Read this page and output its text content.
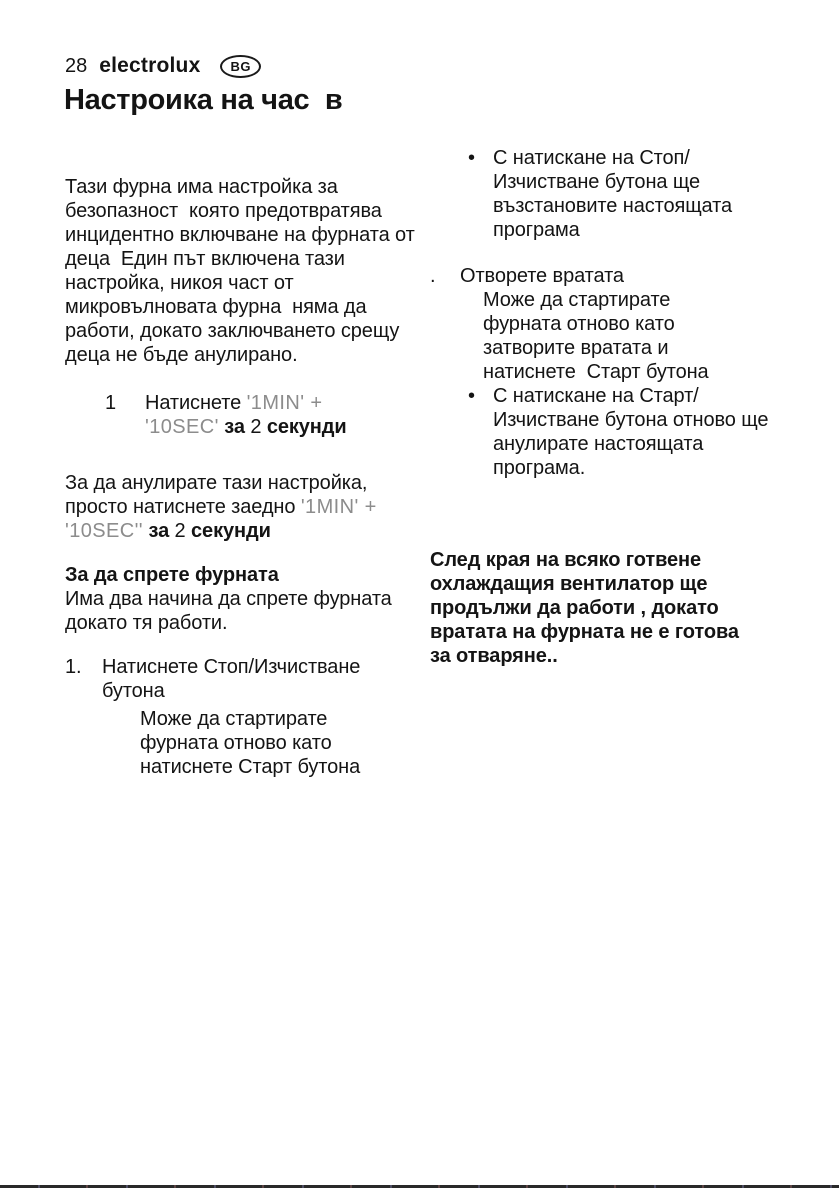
28 electrolux	BG
Настроика на час  в

Тази фурна има настройка за безопазност  която предотвратява инцидентно включване на фурната от деца  Един път включена тази настройка, никоя част от микровълновата фурна  няма да работи, докато заключването срещу деца не бъде анулирано.

1	Натиснете '1MIN' + '10SEC' за 2 секунди

За да анулирате тази настройка, просто натиснете заедно '1MIN' + '10SEC'' за 2 секунди

За да спрете фурната

Има два начина да спрете фурната докато тя работи.

1.	Натиснете Стоп/Изчистване бутона

Може да стартирате фурната отново като натиснете Старт бутона

• С натискане на Стоп/Изчистване бутона ще възстановите настоящата програма
.	Отворете вратата

Може да стартирате фурната отново като затворите вратата и натиснете  Старт бутона

• С натискане на Старт/Изчистване бутона отново ще анулирате настоящата програма.

След края на всяко готвене охлаждащия вентилатор ще продължи да работи , докато вратата на фурната не е готова за отваряне..
